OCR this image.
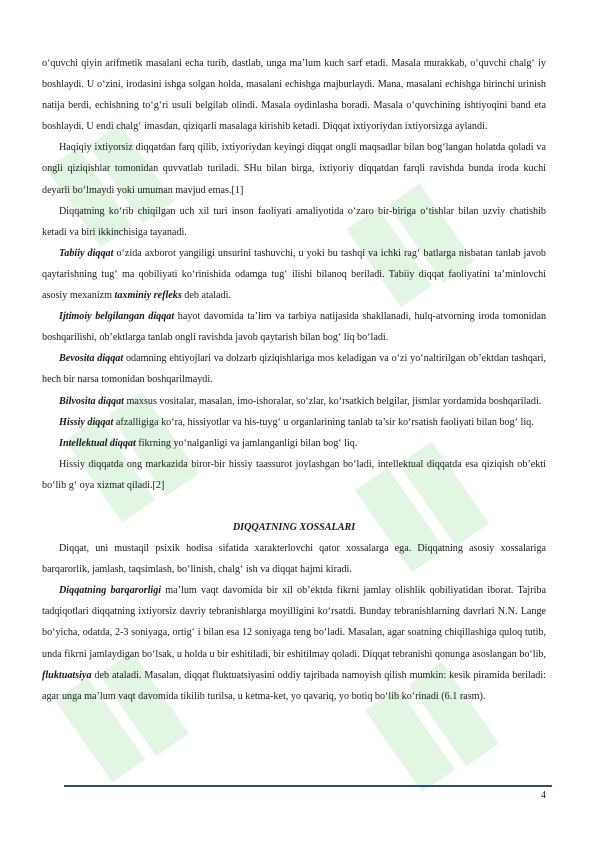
o‘quvchi qiyin arifmetik masalani echa turib, dastlab, unga ma’lum kuch sarf etadi. Masala murakkab, o‘quvchi chalg‘ iy boshlaydi. U o‘zini, irodasini ishga solgan holda, masalani echishga majburlaydi. Mana, masalani echishga birinchi urinish natija berdi, echishning to‘g‘ri usuli belgilab olindi. Masala oydinlasha boradi. Masala o‘quvchining ishtiyoqini band eta boshlaydi. U endi chalg‘ imasdan, qiziqarli masalaga kirishib ketadi. Diqqat ixtiyoriydan ixtiyorsizga aylandi.

Haqiqiy ixtiyorsiz diqqatdan farq qilib, ixtiyoriydan keyingi diqqat ongli maqsadlar bilan bog‘langan holatda qoladi va ongli qiziqishlar tomonidan quvvatlab turiladi. SHu bilan birga, ixtiyoriy diqqatdan farqli ravishda bunda iroda kuchi deyarli bo‘lmaydi yoki umuman mavjud emas.[1]

Diqqatning ko‘rib chiqilgan uch xil turi inson faoliyati amaliyotida o‘zaro bir-biriga o‘tishlar bilan uzviy chatishib ketadi va biri ikkinchisiga tayanadi.

Tabiiy diqqat o‘zida axborot yangiligi unsurini tashuvchi, u yoki bu tashqi va ichki rag‘ batlarga nisbatan tanlab javob qaytarishning tug‘ ma qobiliyati ko‘rinishida odamga tug‘ ilishi bilanoq beriladi. Tabiiy diqqat faoliyatini ta’minlovchi asosiy mexanizm taxminiy refleks deb ataladi.

Ijtimoiy belgilangan diqqat hayot davomida ta’lim va tarbiya natijasida shakllanadi, hulq-atvorning iroda tomonidan boshqarilishi, ob’ektlarga tanlab ongli ravishda javob qaytarish bilan bog‘ liq bo‘ladi.

Bevosita diqqat odamning ehtiyojlari va dolzarb qiziqishlariga mos keladigan va o‘zi yo‘naltirilgan ob’ektdan tashqari, hech bir narsa tomonidan boshqarilmaydi.

Bilvosita diqqat maxsus vositalar, masalan, imo-ishoralar, so‘zlar, ko‘rsatkich belgilar, jismlar yordamida boshqariladi.

Hissiy diqqat afzalligiga ko‘ra, hissiyotlar va his-tuyg‘ u organlarining tanlab ta’sir ko‘rsatish faoliyati bilan bog‘ liq.

Intellektual diqqat fikrning yo‘nalganligi va jamlanganligi bilan bog‘ liq.

Hissiy diqqatda ong markazida biror-bir hissiy taassurot joylashgan bo‘ladi, intellektual diqqatda esa qiziqish ob’ekti bo‘lib g‘ oya xizmat qiladi.[2]

DIQQATNING XOSSALARI

Diqqat, uni mustaqil psixik hodisa sifatida xarakterlovchi qator xossalarga ega. Diqqatning asosiy xossalariga barqarorlik, jamlash, taqsimlash, bo‘linish, chalg‘ ish va diqqat hajmi kiradi.

Diqqatning barqarorligi ma’lum vaqt davomida bir xil ob’ektda fikrni jamlay olishlik qobiliyatidan iborat. Tajriba tadqiqotlari diqqatning ixtiyorsiz davriy tebranishlarga moyilligini ko‘rsatdi. Bunday tebranishlarning davrlari N.N. Lange bo‘yicha, odatda, 2-3 soniyaga, ortig‘ i bilan esa 12 soniyaga teng bo‘ladi. Masalan, agar soatning chiqillashiga quloq tutib, unda fikrni jamlaydigan bo‘lsak, u holda u bir eshitiladi, bir eshitilmay qoladi. Diqqat tebranishi qonunga asoslangan bo‘lib, fluktuatsiya deb ataladi. Masalan, diqqat fluktuatsiyasini oddiy tajribada namoyish qilish mumkin: kesik piramida beriladi: agar unga ma’lum vaqt davomida tikilib turilsa, u ketma-ket, yo qavariq, yo botiq bo‘lib ko‘rinadi (6.1 rasm).

4
